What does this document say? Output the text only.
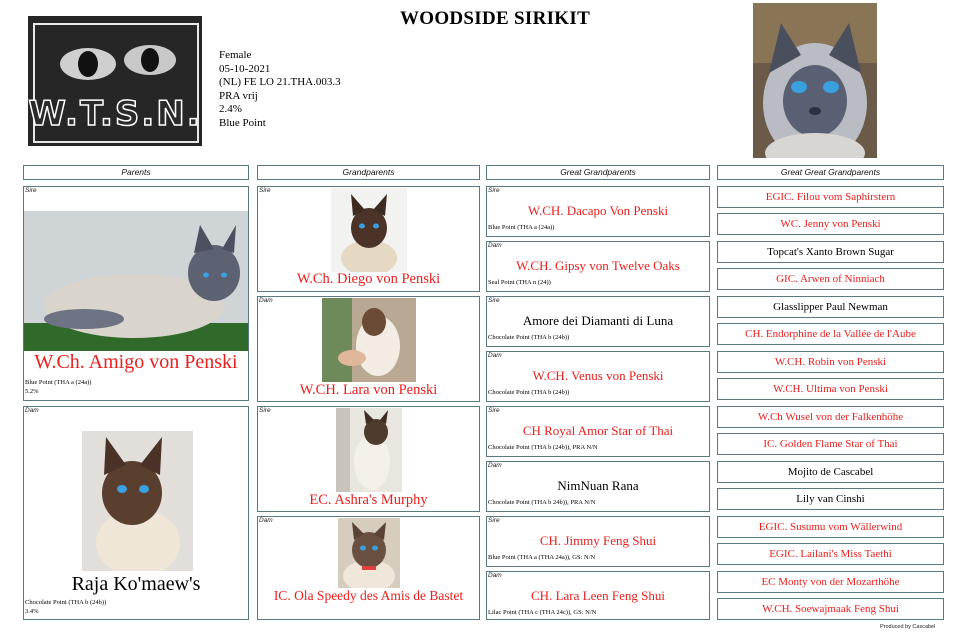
W.T.S.N.
WOODSIDE SIRIKIT
Female
05-10-2021
(NL) FE LO 21.THA.003.3
PRA vrij
2.4%
Blue Point
Parents	Grandparents	Great Grandparents	Great Great Grandparents
Sire
W.Ch. Amigo von Penski
Blue Point (THA a (24a))
5.2%
Dam
Raja Ko'maew's
Chocolate Point (THA b (24b))
3.4%
Sire
W.Ch. Diego von Penski
Dam
W.CH. Lara von Penski
Sire
EC. Ashra's Murphy
Dam
IC. Ola Speedy des Amis de Bastet
Sire
W.CH. Dacapo Von Penski
Blue Point (THA a (24a))
Dam
W.CH. Gipsy von Twelve Oaks
Seal Point (THA n (24))
Sire
Amore dei Diamanti di Luna
Chocolate Point (THA b (24b))
Dam
W.CH. Venus von Penski
Chocolate Point (THA b (24b))
Sire
CH Royal Amor Star of Thai
Chocolate Point (THA b (24b)), PRA N/N
Dam
NimNuan Rana
Chocolate Point (THA b 24b)), PRA N/N
Sire
CH. Jimmy Feng Shui
Blue Point (THA a (THA 24a)), GS: N/N
Dam
CH. Lara Leen Feng Shui
Lilac Point (THA c (THA 24c)), GS: N/N
EGIC. Filou vom Saphirstern
WC. Jenny von Penski
Topcat's Xanto Brown Sugar
GIC. Arwen of Ninniach
Glasslipper Paul Newman
CH. Endorphine de la Vallée de l'Aube
W.CH. Robin von Penski
W.CH. Ultima von Penski
W.Ch Wusel von der Falkenhöhe
IC. Golden Flame Star of Thai
Mojito de Cascabel
Lily van Cinshi
EGIC. Susumu vom Wällerwind
EGIC. Lailani's Miss Taethi
EC Monty von der Mozarthöhe
W.CH. Soewajmaak Feng Shui
Produced by Cascabel
